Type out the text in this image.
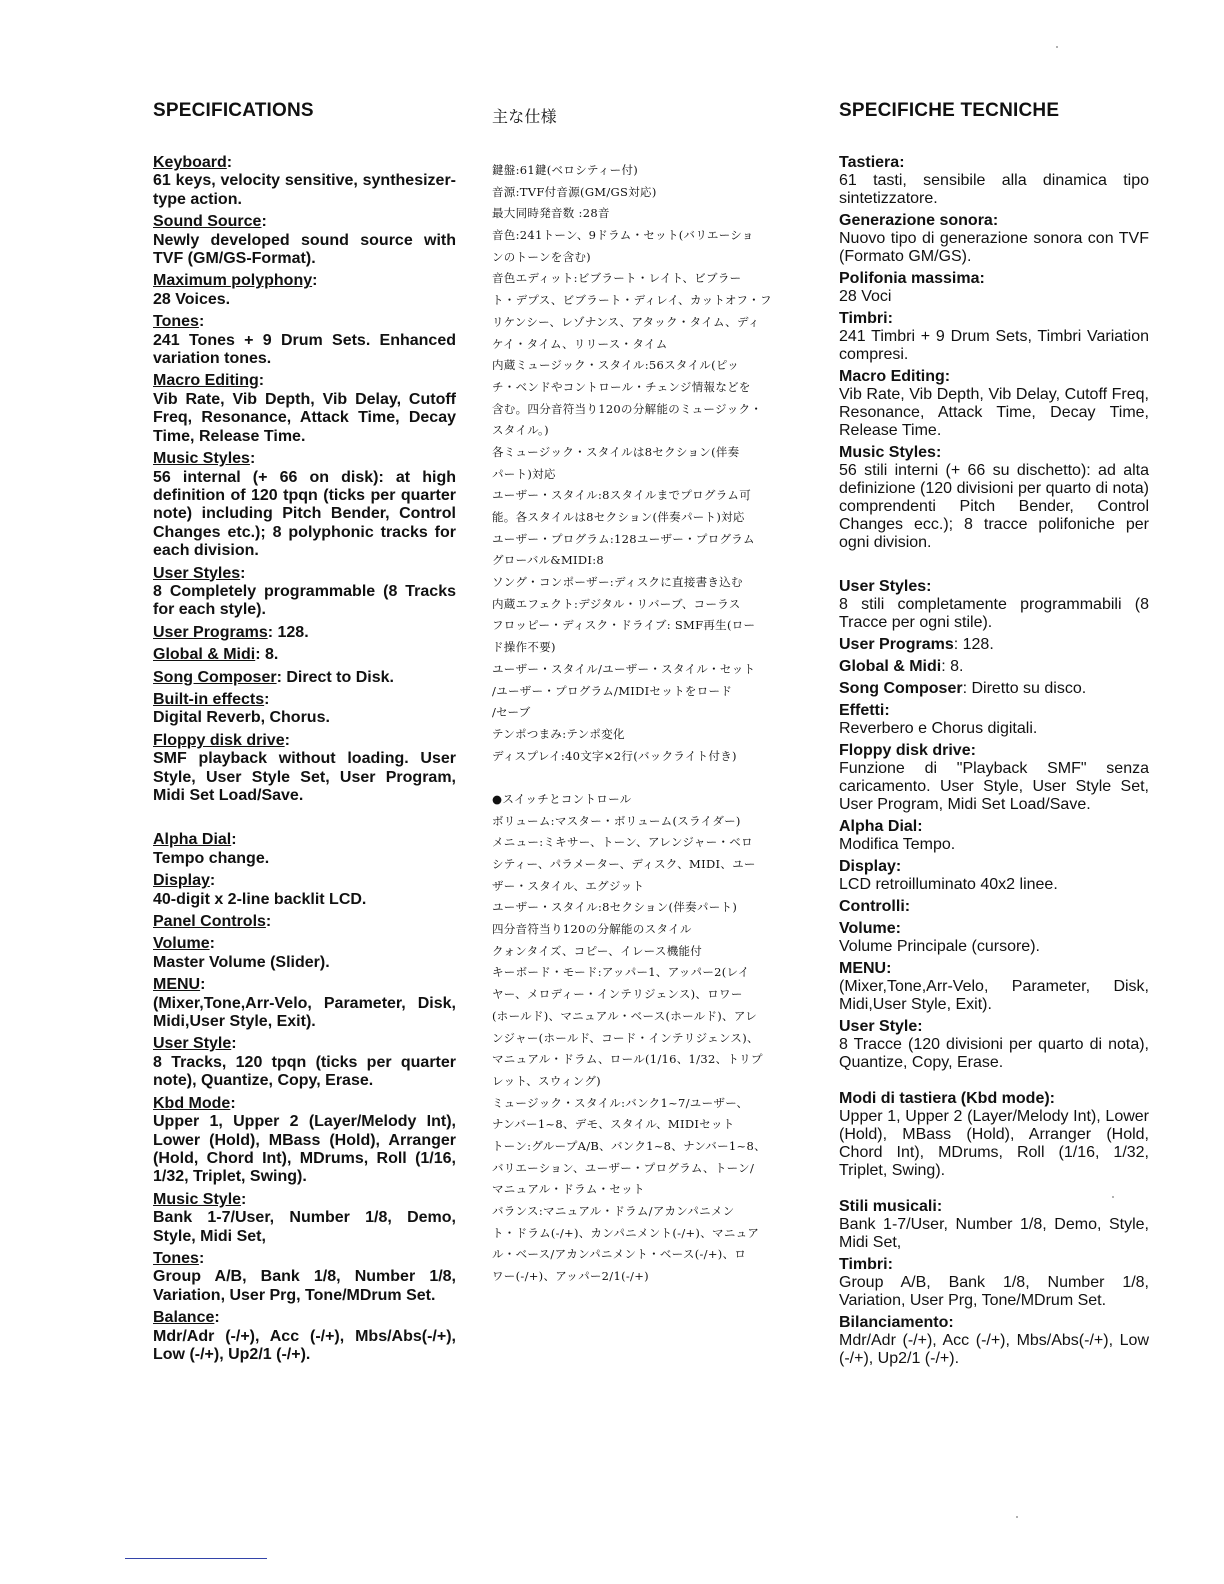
SPECIFICATIONS
Keyboard:
61 keys, velocity sensitive, synthesizer-type action.
Sound Source:
Newly developed sound source with TVF (GM/GS-Format).
Maximum polyphony:
28 Voices.
Tones:
241 Tones + 9 Drum Sets. Enhanced variation tones.
Macro Editing:
Vib Rate, Vib Depth, Vib Delay, Cutoff Freq, Resonance, Attack Time, Decay Time, Release Time.
Music Styles:
56 internal (+ 66 on disk): at high definition of 120 tpqn (ticks per quarter note) including Pitch Bender, Control Changes etc.); 8 polyphonic tracks for each division.
User Styles:
8 Completely programmable (8 Tracks for each style).
User Programs: 128.
Global & Midi: 8.
Song Composer: Direct to Disk.
Built-in effects:
Digital Reverb, Chorus.
Floppy disk drive:
SMF playback without loading. User Style, User Style Set, User Program, Midi Set Load/Save.
Alpha Dial:
Tempo change.
Display:
40-digit x 2-line backlit LCD.
Panel Controls:
Volume:
Master Volume (Slider).
MENU:
(Mixer,Tone,Arr-Velo, Parameter, Disk, Midi,User Style, Exit).
User Style:
8 Tracks, 120 tpqn (ticks per quarter note), Quantize, Copy, Erase.
Kbd Mode:
Upper 1, Upper 2 (Layer/Melody Int), Lower (Hold), MBass (Hold), Arranger (Hold, Chord Int), MDrums, Roll (1/16, 1/32, Triplet, Swing).
Music Style:
Bank 1-7/User, Number 1/8, Demo, Style, Midi Set,
Tones:
Group A/B, Bank 1/8, Number 1/8, Variation, User Prg, Tone/MDrum Set.
Balance:
Mdr/Adr (-/+), Acc (-/+), Mbs/Abs(-/+), Low (-/+), Up2/1 (-/+).
主な仕様
鍵盤:61鍵(ベロシティー付)
音源:TVF付音源(GM/GS対応)
最大同時発音数 :28音
音色:241トーン、9ドラム・セット(バリエーショ
ンのトーンを含む)
音色エディット:ビブラート・レイト、ビブラー
ト・デプス、ビブラート・ディレイ、カットオフ・フ
リケンシー、レゾナンス、アタック・タイム、ディ
ケイ・タイム、リリース・タイム
内蔵ミュージック・スタイル:56スタイル(ピッ
チ・ベンドやコントロール・チェンジ情報などを
含む。四分音符当り120の分解能のミュージック・
スタイル。)
各ミュージック・スタイルは8セクション(伴奏
パート)対応
ユーザー・スタイル:8スタイルまでプログラム可
能。各スタイルは8セクション(伴奏パート)対応
ユーザー・プログラム:128ユーザー・プログラム
グローバル&MIDI:8
ソング・コンポーザー:ディスクに直接書き込む
内蔵エフェクト:デジタル・リバーブ、コーラス
フロッピー・ディスク・ドライブ: SMF再生(ロー
ド操作不要)
ユーザー・スタイル/ユーザー・スタイル・セット
/ユーザー・プログラム/MIDIセットをロード
/セーブ
テンポつまみ:テンポ変化
ディスプレイ:40文字×2行(バックライト付き)
●スイッチとコントロール
ボリューム:マスター・ボリューム(スライダー)
メニュー:ミキサー、トーン、アレンジャー・ベロ
シティー、パラメーター、ディスク、MIDI、ユー
ザー・スタイル、エグジット
ユーザー・スタイル:8セクション(伴奏パート)
四分音符当り120の分解能のスタイル
クォンタイズ、コピー、イレース機能付
キーボード・モード:アッパー1、アッパー2(レイ
ヤー、メロディー・インテリジェンス)、ロワー
(ホールド)、マニュアル・ベース(ホールド)、アレ
ンジャー(ホールド、コード・インテリジェンス)、
マニュアル・ドラム、ロール(1/16、1/32、トリプ
レット、スウィング)
ミュージック・スタイル:バンク1~7/ユーザー、
ナンバー1~8、デモ、スタイル、MIDIセット
トーン:グループA/B、バンク1~8、ナンバー1~8、
バリエーション、ユーザー・プログラム、トーン/
マニュアル・ドラム・セット
バランス:マニュアル・ドラム/アカンパニメン
ト・ドラム(-/+)、カンパニメント(-/+)、マニュア
ル・ベース/アカンパニメント・ベース(-/+)、ロ
ワー(-/+)、アッパー2/1(-/+)
SPECIFICHE TECNICHE
Tastiera:
61 tasti, sensibile alla dinamica tipo sintetizzatore.
Generazione sonora:
Nuovo tipo di generazione sonora con TVF (Formato GM/GS).
Polifonia massima:
28 Voci
Timbri:
241 Timbri + 9 Drum Sets, Timbri Variation compresi.
Macro Editing:
Vib Rate, Vib Depth, Vib Delay, Cutoff Freq, Resonance, Attack Time, Decay Time, Release Time.
Music Styles:
56 stili interni (+ 66 su dischetto): ad alta definizione (120 divisioni per quarto di nota) comprendenti Pitch Bender, Control Changes ecc.); 8 tracce polifoniche per ogni division.
User Styles:
8 stili completamente programmabili (8 Tracce per ogni stile).
User Programs: 128.
Global & Midi: 8.
Song Composer: Diretto su disco.
Effetti:
Reverbero e Chorus digitali.
Floppy disk drive:
Funzione di "Playback SMF" senza caricamento. User Style, User Style Set, User Program, Midi Set Load/Save.
Alpha Dial:
Modifica Tempo.
Display:
LCD retroilluminato 40x2 linee.
Controlli:
Volume:
Volume Principale (cursore).
MENU:
(Mixer,Tone,Arr-Velo, Parameter, Disk, Midi,User Style, Exit).
User Style:
8 Tracce (120 divisioni per quarto di nota), Quantize, Copy, Erase.
Modi di tastiera (Kbd mode):
Upper 1, Upper 2 (Layer/Melody Int), Lower (Hold), MBass (Hold), Arranger (Hold, Chord Int), MDrums, Roll (1/16, 1/32, Triplet, Swing).
Stili musicali:
Bank 1-7/User, Number 1/8, Demo, Style, Midi Set,
Timbri:
Group A/B, Bank 1/8, Number 1/8, Variation, User Prg, Tone/MDrum Set.
Bilanciamento:
Mdr/Adr (-/+), Acc (-/+), Mbs/Abs(-/+), Low (-/+), Up2/1 (-/+).
